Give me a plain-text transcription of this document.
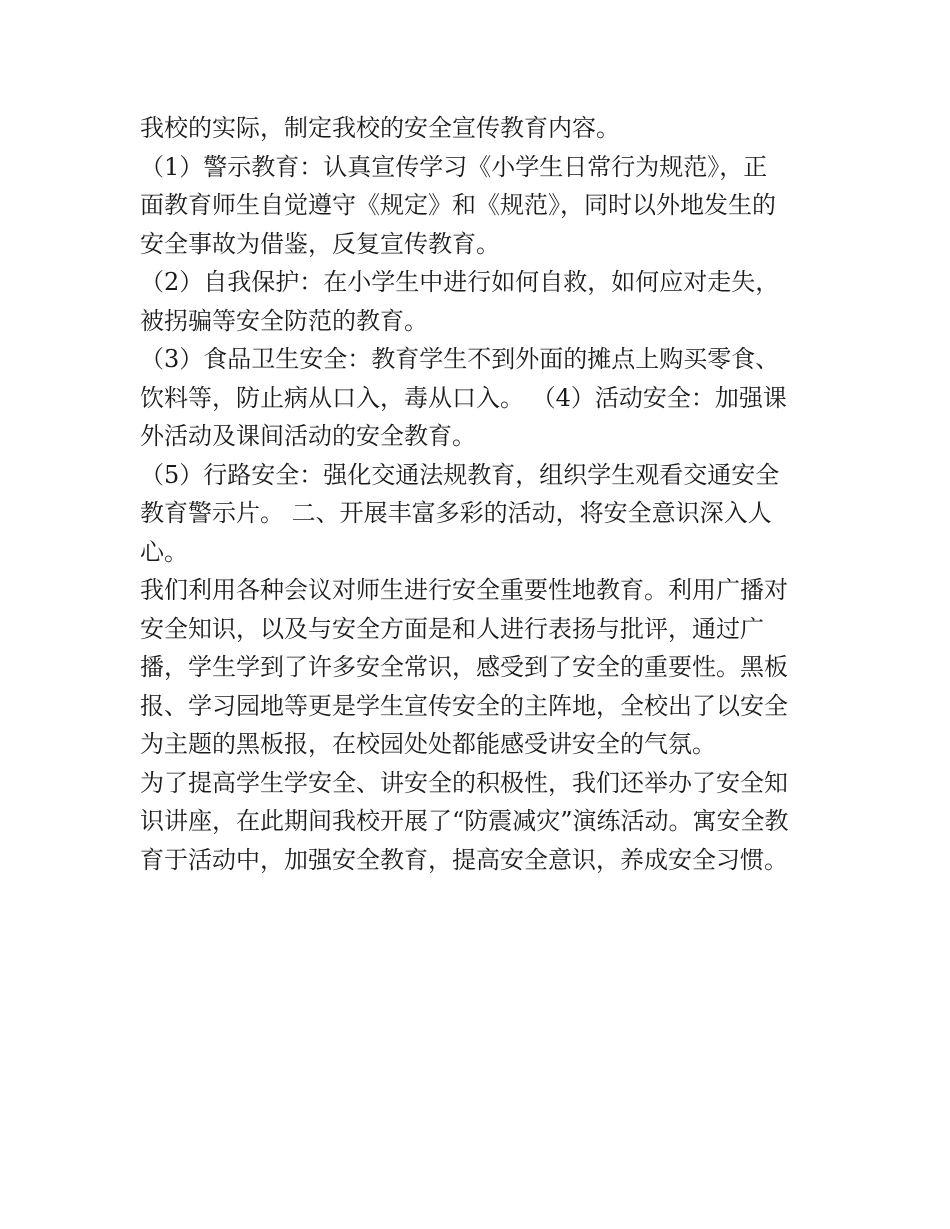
我校的实际，制定我校的安全宣传教育内容。
（1）警示教育：认真宣传学习《小学生日常行为规范》，正
面教育师生自觉遵守《规定》和《规范》，同时以外地发生的
安全事故为借鉴，反复宣传教育。
（2）自我保护：在小学生中进行如何自救，如何应对走失，
被拐骗等安全防范的教育。
（3）食品卫生安全：教育学生不到外面的摊点上购买零食、
饮料等，防止病从口入，毒从口入。 （4）活动安全：加强课
外活动及课间活动的安全教育。
（5）行路安全：强化交通法规教育，组织学生观看交通安全
教育警示片。 二、开展丰富多彩的活动，将安全意识深入人
心。
我们利用各种会议对师生进行安全重要性地教育。利用广播对
安全知识，以及与安全方面是和人进行表扬与批评，通过广
播，学生学到了许多安全常识，感受到了安全的重要性。黑板
报、学习园地等更是学生宣传安全的主阵地，全校出了以安全
为主题的黑板报，在校园处处都能感受讲安全的气氛。
为了提高学生学安全、讲安全的积极性，我们还举办了安全知
识讲座，在此期间我校开展了“防震减灾”演练活动。寓安全教
育于活动中，加强安全教育，提高安全意识，养成安全习惯。
